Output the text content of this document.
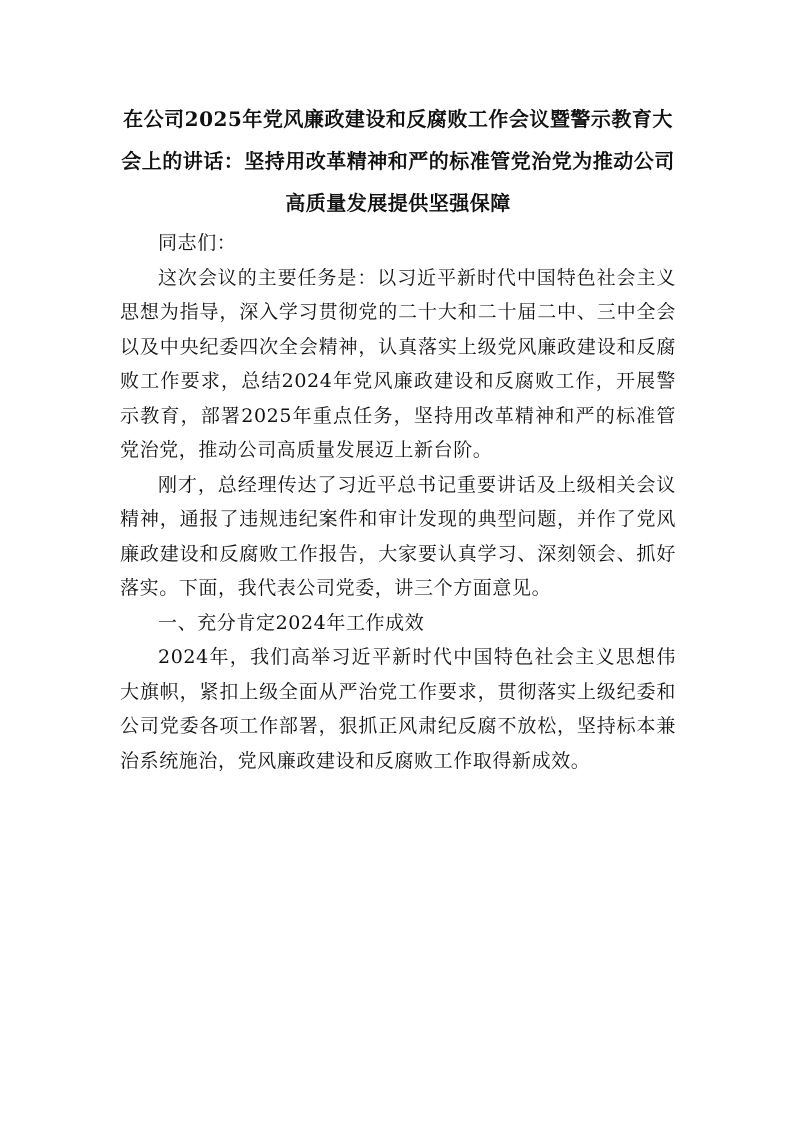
在公司2025年党风廉政建设和反腐败工作会议暨警示教育大会上的讲话：坚持用改革精神和严的标准管党治党为推动公司高质量发展提供坚强保障

同志们：

这次会议的主要任务是：以习近平新时代中国特色社会主义思想为指导，深入学习贯彻党的二十大和二十届二中、三中全会以及中央纪委四次全会精神，认真落实上级党风廉政建设和反腐败工作要求，总结2024年党风廉政建设和反腐败工作，开展警示教育，部署2025年重点任务，坚持用改革精神和严的标准管党治党，推动公司高质量发展迈上新台阶。

刚才，总经理传达了习近平总书记重要讲话及上级相关会议精神，通报了违规违纪案件和审计发现的典型问题，并作了党风廉政建设和反腐败工作报告，大家要认真学习、深刻领会、抓好落实。下面，我代表公司党委，讲三个方面意见。

一、充分肯定2024年工作成效

2024年，我们高举习近平新时代中国特色社会主义思想伟大旗帜，紧扣上级全面从严治党工作要求，贯彻落实上级纪委和公司党委各项工作部署，狠抓正风肃纪反腐不放松，坚持标本兼治系统施治，党风廉政建设和反腐败工作取得新成效。
